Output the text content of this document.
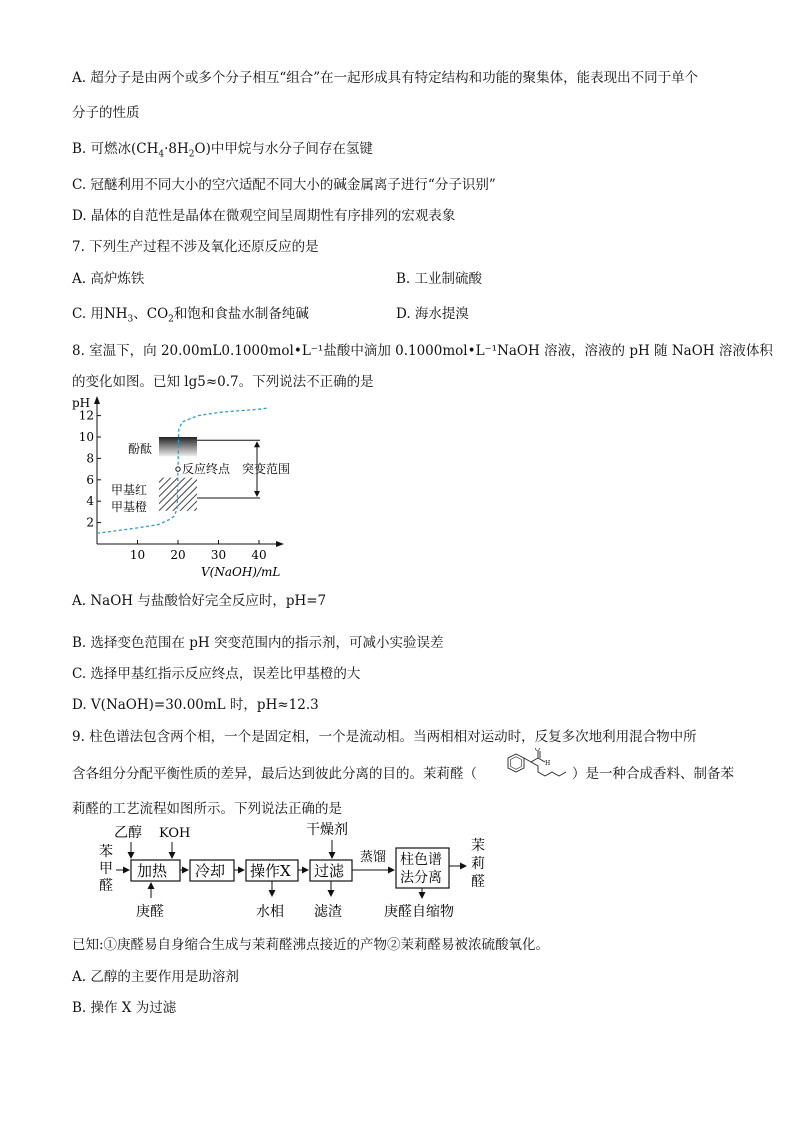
A. 超分子是由两个或多个分子相互“组合”在一起形成具有特定结构和功能的聚集体，能表现出不同于单个
分子的性质
B. 可燃冰$(CH_4\cdot 8H_2O)$中甲烷与水分子间存在氢键
C. 冠醚利用不同大小的空穴适配不同大小的碱金属离子进行“分子识别”
D. 晶体的自范性是晶体在微观空间呈周期性有序排列的宏观表象
7. 下列生产过程不涉及氧化还原反应的是
A. 高炉炼铁	B. 工业制硫酸
C. 用$NH_3$、$CO_2$和饱和食盐水制备纯碱	D. 海水提溴
8. 室温下，向 20.00mL0.1000mol•L⁻¹盐酸中滴加 0.1000mol•L⁻¹NaOH 溶液，溶液的 pH 随 NaOH 溶液体积
的变化如图。已知 lg5≈0.7。下列说法不正确的是
pH
2
4
6
8
10
12
10 20 30 40
酚酞
反应终点 突变范围
甲基红
甲基橙
V(NaOH)/mL
A. NaOH 与盐酸恰好完全反应时，pH=7
B. 选择变色范围在 pH 突变范围内的指示剂，可减小实验误差
C. 选择甲基红指示反应终点，误差比甲基橙的大
D. V(NaOH)=30.00mL 时，pH≈12.3
9. 柱色谱法包含两个相，一个是固定相，一个是流动相。当两相相对运动时，反复多次地利用混合物中所
含各组分分配平衡性质的差异，最后达到彼此分离的目的。茉莉醛（	）是一种合成香料、制备苯
O
H
莉醛的工艺流程如图所示。下列说法正确的是
苯
甲
醛
乙醇 KOH
加热
庚醛
冷却 操作X
水相
干燥剂
过滤
滤渣
蒸馏 柱色谱
法分离
庚醛自缩物
茉
莉
醛
已知:①庚醛易自身缩合生成与茉莉醛沸点接近的产物②茉莉醛易被浓硫酸氧化。
A. 乙醇的主要作用是助溶剂
B. 操作 X 为过滤
